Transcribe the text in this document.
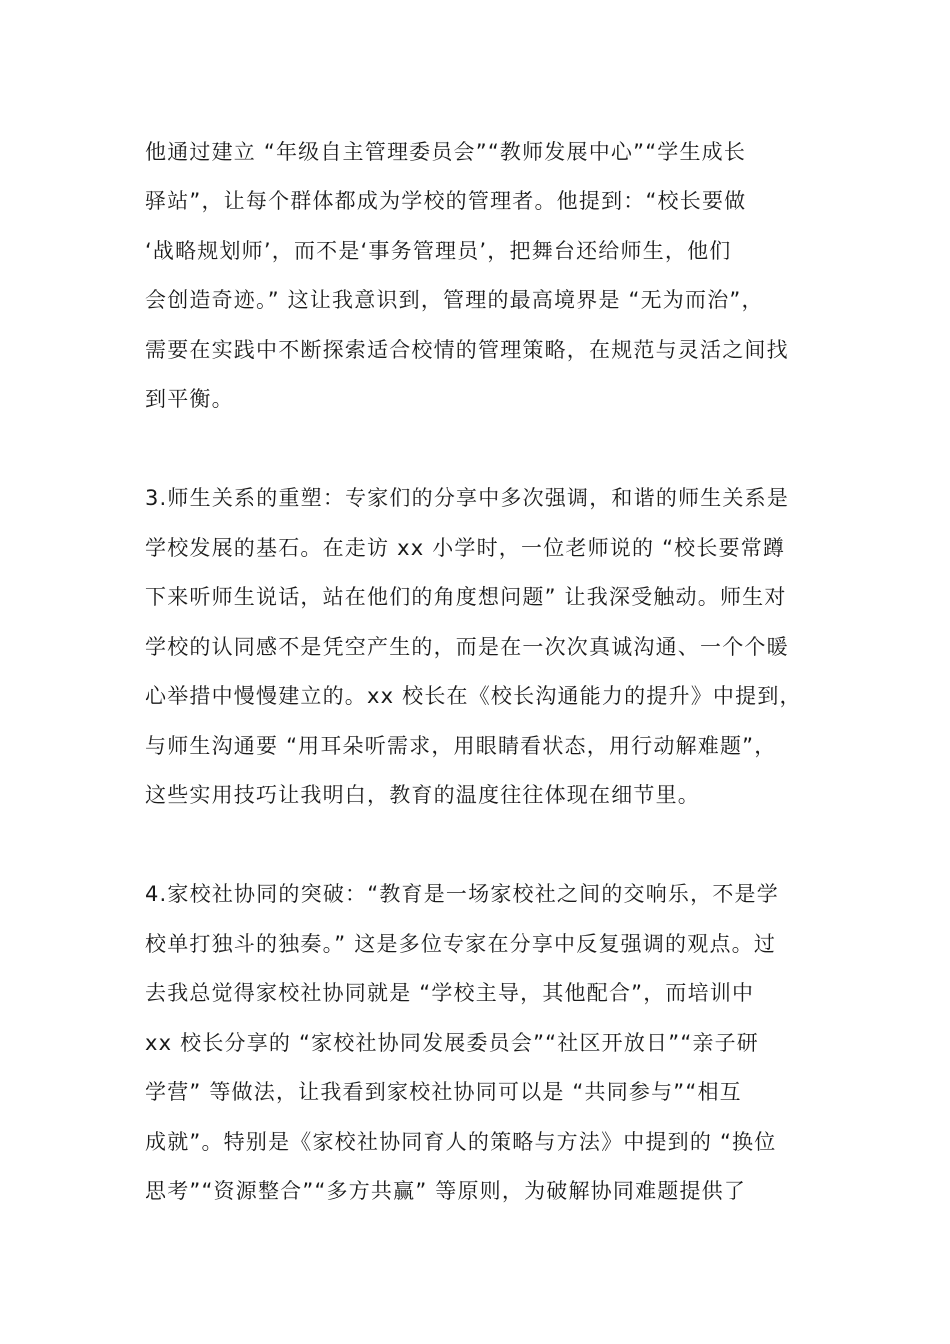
他通过建立 “年级自主管理委员会”“教师发展中心”“学生成长
驿站”，让每个群体都成为学校的管理者。他提到：“校长要做
‘战略规划师’，而不是‘事务管理员’，把舞台还给师生，他们
会创造奇迹。” 这让我意识到，管理的最高境界是 “无为而治”，
需要在实践中不断探索适合校情的管理策略，在规范与灵活之间找
到平衡。
3.师生关系的重塑：专家们的分享中多次强调，和谐的师生关系是
学校发展的基石。在走访 xx 小学时，一位老师说的 “校长要常蹲
下来听师生说话，站在他们的角度想问题” 让我深受触动。师生对
学校的认同感不是凭空产生的，而是在一次次真诚沟通、一个个暖
心举措中慢慢建立的。xx 校长在《校长沟通能力的提升》中提到，
与师生沟通要 “用耳朵听需求，用眼睛看状态，用行动解难题”，
这些实用技巧让我明白，教育的温度往往体现在细节里。
4.家校社协同的突破：“教育是一场家校社之间的交响乐，不是学
校单打独斗的独奏。” 这是多位专家在分享中反复强调的观点。过
去我总觉得家校社协同就是 “学校主导，其他配合”，而培训中
xx 校长分享的 “家校社协同发展委员会”“社区开放日”“亲子研
学营” 等做法，让我看到家校社协同可以是 “共同参与”“相互
成就”。特别是《家校社协同育人的策略与方法》中提到的 “换位
思考”“资源整合”“多方共赢” 等原则，为破解协同难题提供了
